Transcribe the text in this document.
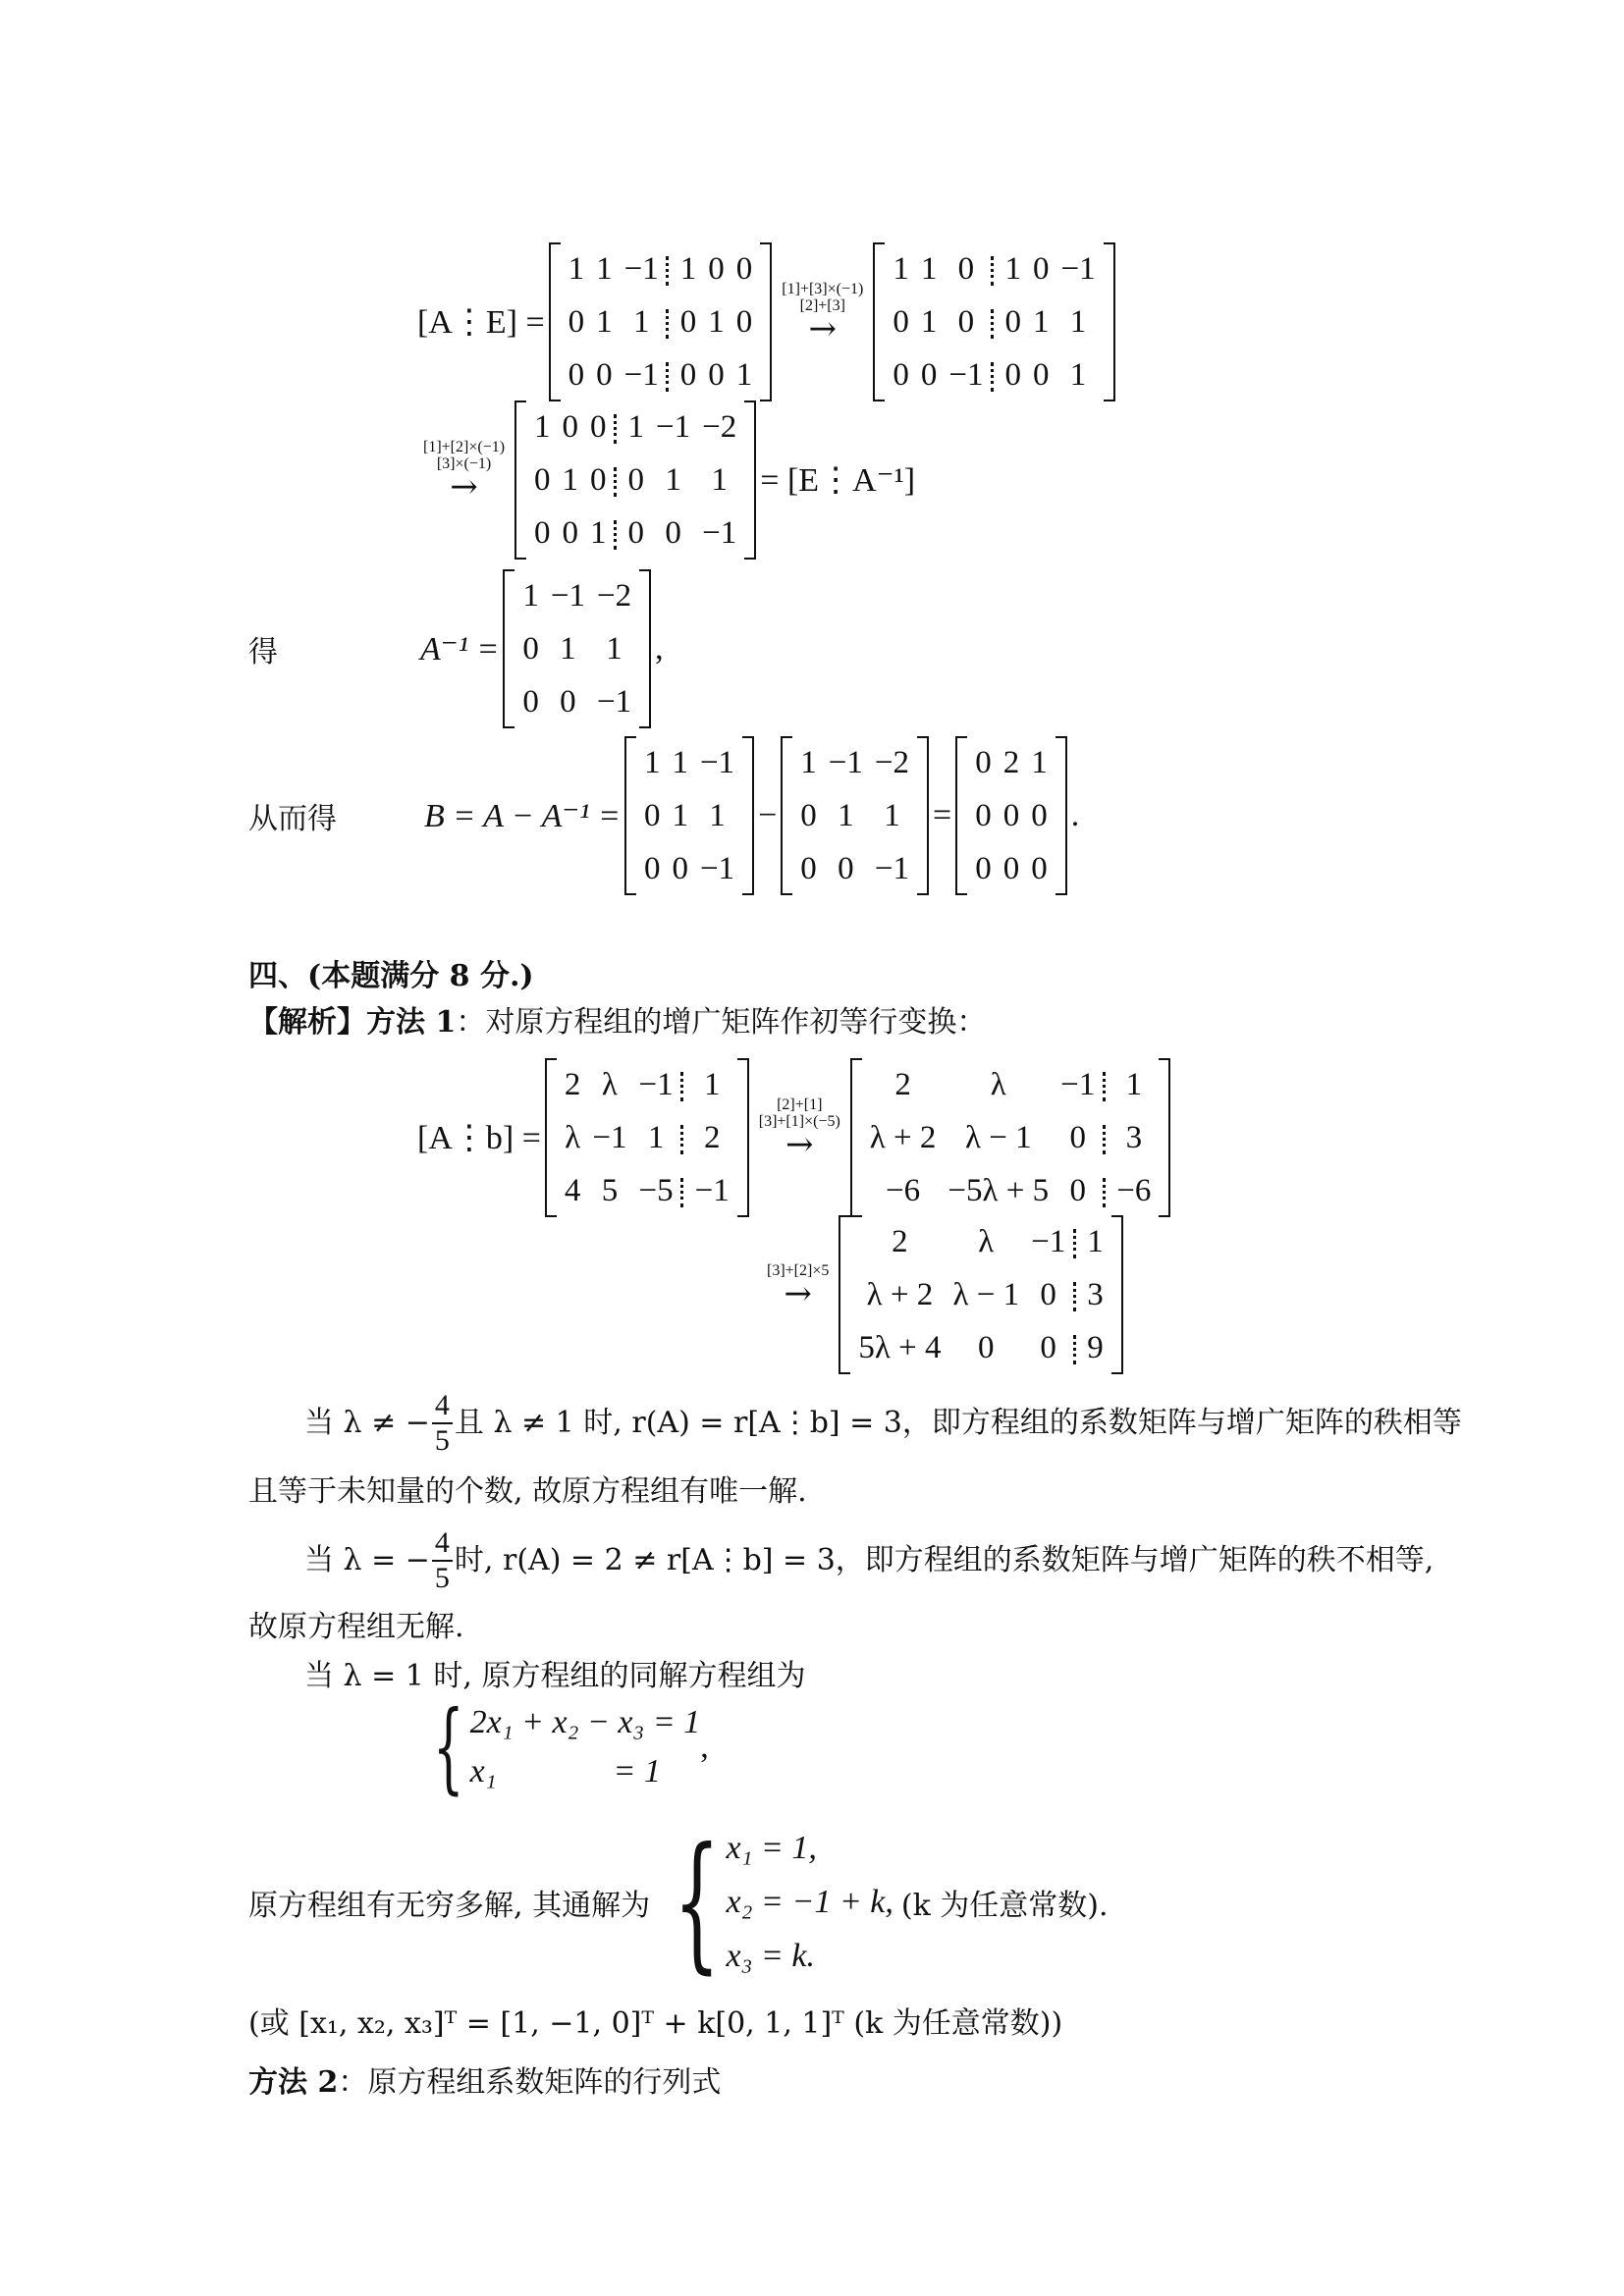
[A⋮E] =
1	1	−1		1	0	0
0	1	1		0	1	0
0	0	−1		0	0	1
[1]+[3]×(−1)
[2]+[3]
→
1	1	0		1	0	−1
0	1	0		0	1	1
0	0	−1		0	0	1
[1]+[2]×(−1)
[3]×(−1)
→
1	0	0		1	−1	−2
0	1	0		0	1	1
0	0	1		0	0	−1
= [E⋮A⁻¹]
得	A⁻¹ =
1	−1	−2
0	1	1
0	0	−1
,
从而得	B = A − A⁻¹ =
1	1	−1
0	1	1
0	0	−1
−
1	−1	−2
0	1	1
0	0	−1
=
0	2	1
0	0	0
0	0	0
.
四、(本题满分 8 分.)
【解析】方法 1：对原方程组的增广矩阵作初等行变换：
[A⋮b] =
2	λ	−1		1
λ	−1	1		2
4	5	−5		−1
[2]+[1]
[3]+[1]×(−5)
→
2	λ	−1		1
λ + 2	λ − 1	0		3
−6	−5λ + 5	0		−6
[3]+[2]×5
→
2	λ	−1		1
λ + 2	λ − 1	0		3
5λ + 4	0	0		9
当 λ ≠ − $\frac{4}{5}$ 且 λ ≠ 1 时, r(A) = r[A⋮b] = 3，即方程组的系数矩阵与增广矩阵的秩相等
且等于未知量的个数, 故原方程组有唯一解.
当 λ = − $\frac{4}{5}$ 时, r(A) = 2 ≠ r[A⋮b] = 3，即方程组的系数矩阵与增广矩阵的秩不相等,
故原方程组无解.
当 λ = 1 时, 原方程组的同解方程组为
{ 2x₁ + x₂ − x₃ = 1
x₁              = 1
,
原方程组有无穷多解, 其通解为 { x₁ = 1,
x₂ = −1 + k,
x₃ = k.
(k 为任意常数).
(或 [x₁, x₂, x₃]ᵀ = [1, −1, 0]ᵀ + k[0, 1, 1]ᵀ (k 为任意常数))
方法 2：原方程组系数矩阵的行列式
